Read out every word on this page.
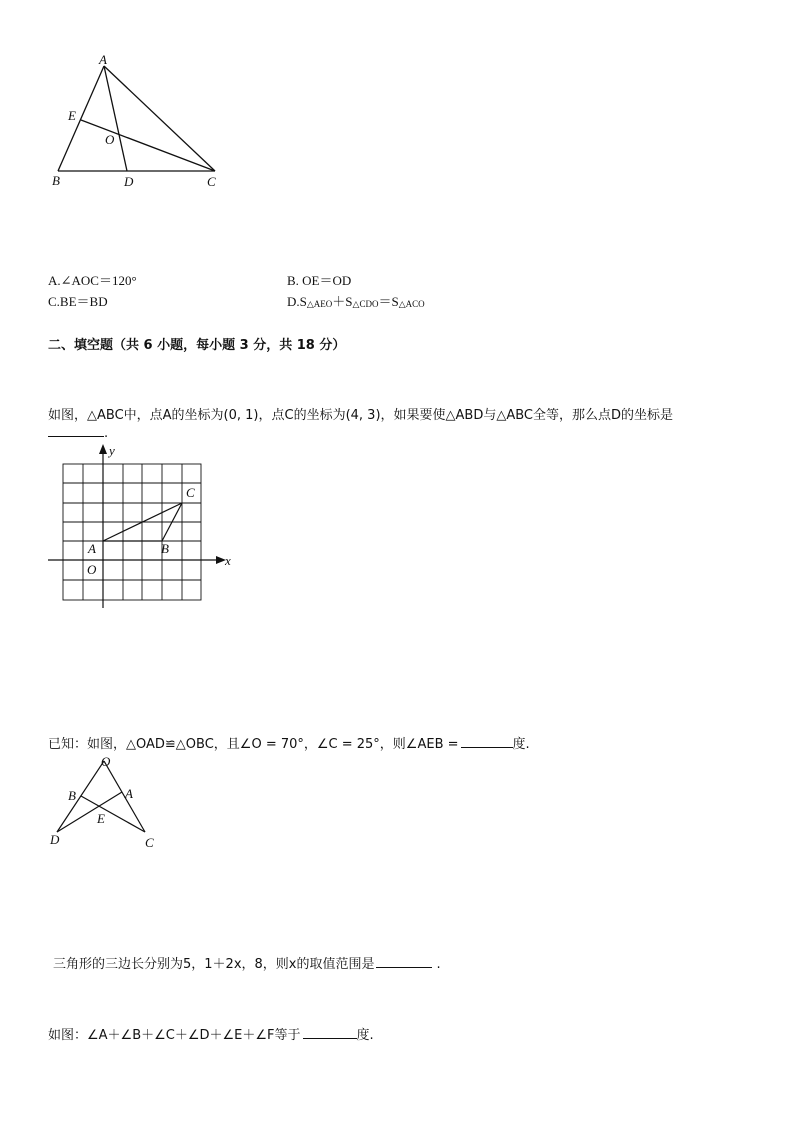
A
E
O
B	D	C
A.∠AOC＝120°	B. OE＝OD
C.BE＝BD	D.S△AEO＋S△CDO＝S△ACO
二、填空题（共 6 小题，每小题 3 分，共 18 分）
如图，△ABC中，点A的坐标为(0, 1)，点C的坐标为(4, 3)，如果要使△ABD与△ABC全等，那么点D的坐标是
.
y
x
C
A	B
O
已知：如图，△OAD≌△OBC，且∠O = 70°，∠C = 25°，则∠AEB =	度.
O
B	A
E
D	C
三角形的三边长分别为5，1＋2x，8，则x的取值范围是	.
如图：∠A＋∠B＋∠C＋∠D＋∠E＋∠F等于	度.
